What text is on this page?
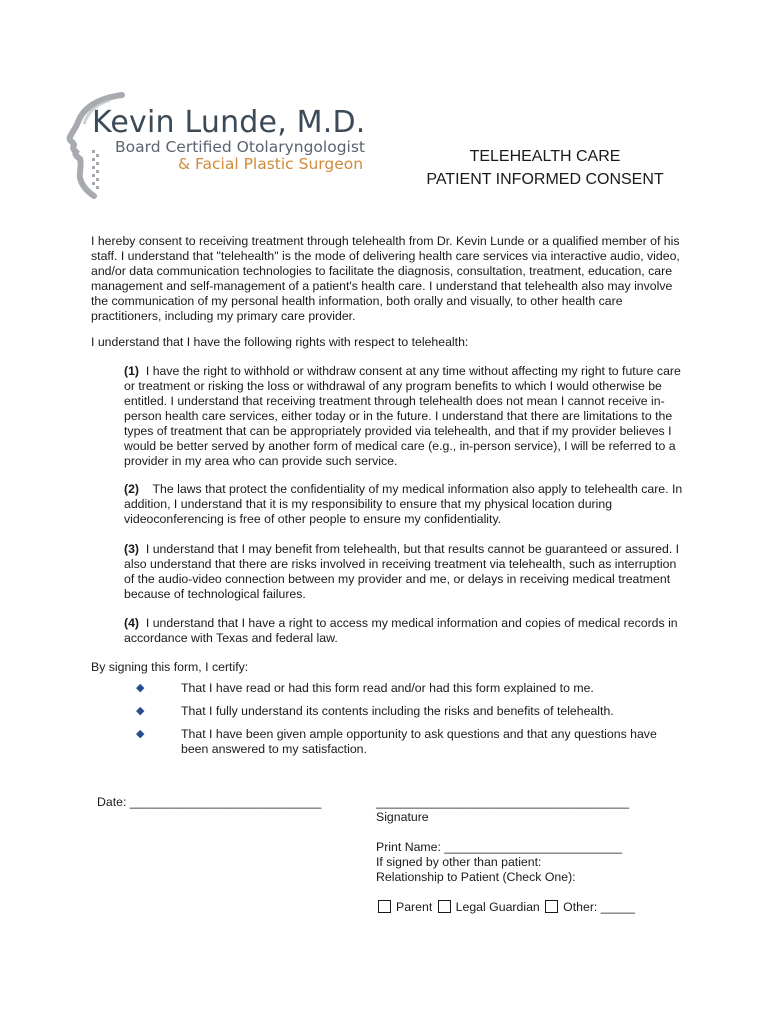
Kevin Lunde, M.D.
Board Certified Otolaryngologist
& Facial Plastic Surgeon	TELEHEALTH CARE
PATIENT INFORMED CONSENT
I hereby consent to receiving treatment through telehealth from Dr. Kevin Lunde or a qualified member of his staff. I understand that "telehealth" is the mode of delivering health care services via interactive audio, video, and/or data communication technologies to facilitate the diagnosis, consultation, treatment, education, care management and self-management of a patient's health care. I understand that telehealth also may involve the communication of my personal health information, both orally and visually, to other health care practitioners, including my primary care provider.
I understand that I have the following rights with respect to telehealth:
(1) I have the right to withhold or withdraw consent at any time without affecting my right to future care or treatment or risking the loss or withdrawal of any program benefits to which I would otherwise be entitled. I understand that receiving treatment through telehealth does not mean I cannot receive in-person health care services, either today or in the future. I understand that there are limitations to the types of treatment that can be appropriately provided via telehealth, and that if my provider believes I would be better served by another form of medical care (e.g., in-person service), I will be referred to a provider in my area who can provide such service.
(2) The laws that protect the confidentiality of my medical information also apply to telehealth care. In addition, I understand that it is my responsibility to ensure that my physical location during videoconferencing is free of other people to ensure my confidentiality.
(3) I understand that I may benefit from telehealth, but that results cannot be guaranteed or assured. I also understand that there are risks involved in receiving treatment via telehealth, such as interruption of the audio-video connection between my provider and me, or delays in receiving medical treatment because of technological failures.
(4) I understand that I have a right to access my medical information and copies of medical records in accordance with Texas and federal law.
By signing this form, I certify:
◆	That I have read or had this form read and/or had this form explained to me.
◆	That I fully understand its contents including the risks and benefits of telehealth.
◆	That I have been given ample opportunity to ask questions and that any questions have been answered to my satisfaction.
Date: ____________________________	_____________________________________
Signature
Print Name: __________________________
If signed by other than patient:
Relationship to Patient (Check One):
Parent Legal Guardian Other: _____
